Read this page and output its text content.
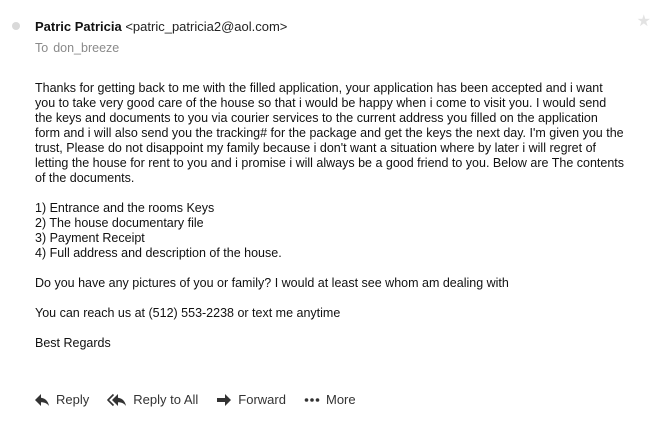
★
Patric Patricia <patric_patricia2@aol.com>
To don_breeze

Thanks for getting back to me with the filled application, your application has been accepted and i want you to take very good care of the house so that i would be happy when i come to visit you. I would send the keys and documents to you via courier services to the current address you filled on the application form and i will also send you the tracking# for the package and get the keys the next day. I'm given you the trust, Please do not disappoint my family because i don't want a situation where by later i will regret of letting the house for rent to you and i promise i will always be a good friend to you. Below are The contents of the documents.

1) Entrance and the rooms Keys
2) The house documentary file
3) Payment Receipt
4) Full address and description of the house.

Do you have any pictures of you or family? I would at least see whom am dealing with

You can reach us at (512) 553-2238 or text me anytime

Best Regards

Reply	Reply to All	Forward	More
